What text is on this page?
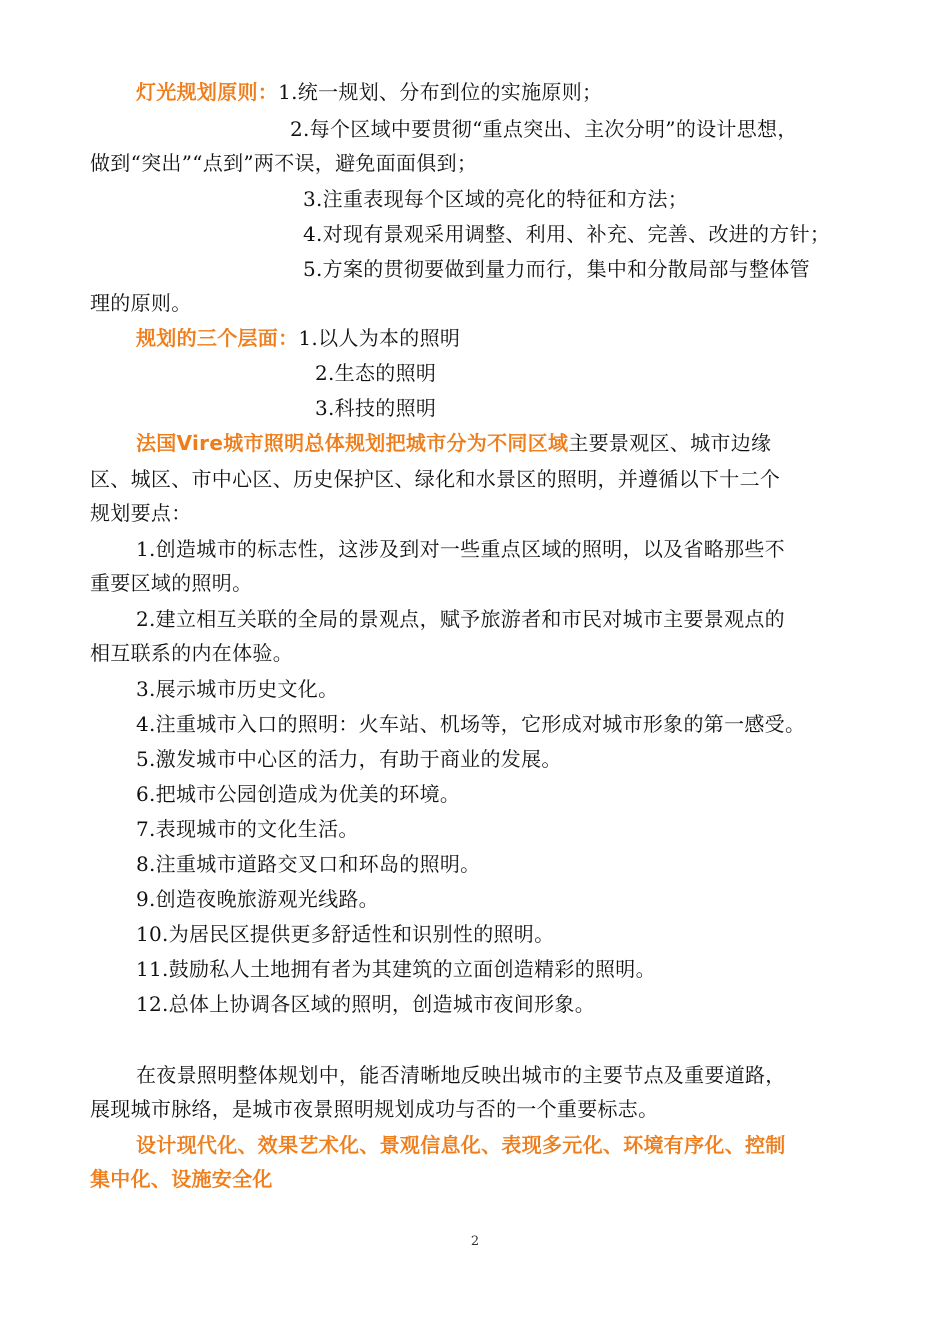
灯光规划原则：1.统一规划、分布到位的实施原则；
2.每个区域中要贯彻“重点突出、主次分明”的设计思想，
做到“突出”“点到”两不误，避免面面俱到；
3.注重表现每个区域的亮化的特征和方法；
4.对现有景观采用调整、利用、补充、完善、改进的方针；
5.方案的贯彻要做到量力而行，集中和分散局部与整体管
理的原则。
规划的三个层面：1.以人为本的照明
2.生态的照明
3.科技的照明
法国Vire城市照明总体规划把城市分为不同区域主要景观区、城市边缘
区、城区、市中心区、历史保护区、绿化和水景区的照明，并遵循以下十二个
规划要点：
1.创造城市的标志性，这涉及到对一些重点区域的照明，以及省略那些不
重要区域的照明。
2.建立相互关联的全局的景观点，赋予旅游者和市民对城市主要景观点的
相互联系的内在体验。
3.展示城市历史文化。
4.注重城市入口的照明：火车站、机场等，它形成对城市形象的第一感受。
5.激发城市中心区的活力，有助于商业的发展。
6.把城市公园创造成为优美的环境。
7.表现城市的文化生活。
8.注重城市道路交叉口和环岛的照明。
9.创造夜晚旅游观光线路。
10.为居民区提供更多舒适性和识别性的照明。
11.鼓励私人土地拥有者为其建筑的立面创造精彩的照明。
12.总体上协调各区域的照明，创造城市夜间形象。
在夜景照明整体规划中，能否清晰地反映出城市的主要节点及重要道路，
展现城市脉络，是城市夜景照明规划成功与否的一个重要标志。
设计现代化、效果艺术化、景观信息化、表现多元化、环境有序化、控制
集中化、设施安全化
2
